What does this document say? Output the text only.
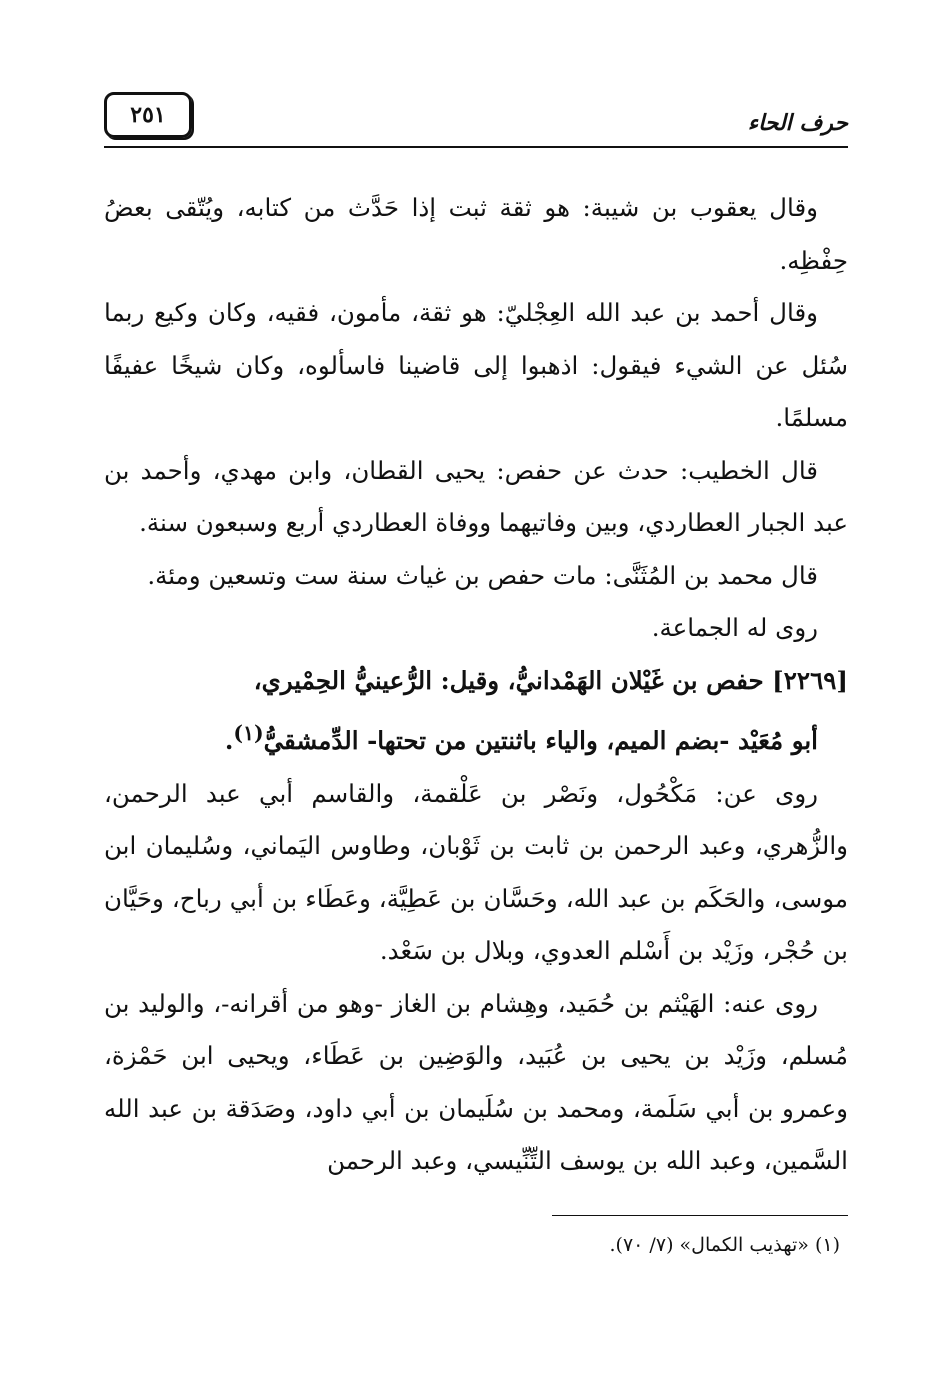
حرف الحاء
٢٥١

وقال يعقوب بن شيبة: هو ثقة ثبت إذا حَدَّث من كتابه، ويُتّقى بعضُ حِفْظِه.

وقال أحمد بن عبد الله العِجْليّ: هو ثقة، مأمون، فقيه، وكان وكيع ربما سُئل عن الشيء فيقول: اذهبوا إلى قاضينا فاسألوه، وكان شيخًا عفيفًا مسلمًا.

قال الخطيب: حدث عن حفص: يحيى القطان، وابن مهدي، وأحمد بن عبد الجبار العطاردي، وبين وفاتيهما ووفاة العطاردي أربع وسبعون سنة.

قال محمد بن المُثَنَّى: مات حفص بن غياث سنة ست وتسعين ومئة.

روى له الجماعة.

[٢٢٦٩] حفص بن غَيْلان الهَمْدانيُّ، وقيل: الرُّعينيُّ الحِمْيري،
أبو مُعَيْد -بضم الميم، والياء باثنتين من تحتها- الدِّمشقيُّ$^{(١)}$.

روى عن: مَكْحُول، ونَصْر بن عَلْقمة، والقاسم أبي عبد الرحمن، والزُّهري، وعبد الرحمن بن ثابت بن ثَوْبان، وطاوس اليَماني، وسُليمان ابن موسى، والحَكَم بن عبد الله، وحَسَّان بن عَطِيَّة، وعَطَاء بن أبي رباح، وحَيَّان بن حُجْر، وزَيْد بن أَسْلم العدوي، وبلال بن سَعْد.

روى عنه: الهَيْثم بن حُمَيد، وهِشام بن الغاز -وهو من أقرانه-، والوليد بن مُسلم، وزَيْد بن يحيى بن عُبَيد، والوَضِين بن عَطَاء، ويحيى ابن حَمْزة، وعمرو بن أبي سَلَمة، ومحمد بن سُلَيمان بن أبي داود، وصَدَقة بن عبد الله السَّمين، وعبد الله بن يوسف التِّنِّيسي، وعبد الرحمن

(١) «تهذيب الكمال» (٧/ ٧٠).
